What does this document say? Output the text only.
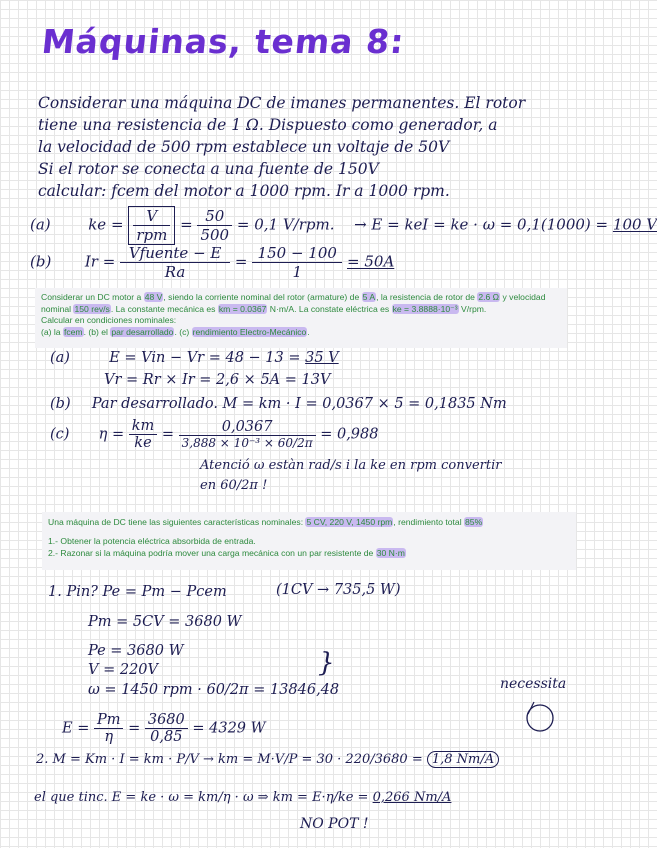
Máquinas, tema 8:
Considerar una máquina DC de imanes permanentes. El rotor
tiene una resistencia de 1 Ω. Dispuesto como generador, a
la velocidad de 500 rpm establece un voltaje de 50V
Si el rotor se conecta a una fuente de 150V
calcular: fcem del motor a 1000 rpm. Ir a 1000 rpm.
(a)	ke = $\frac{V}{\text{rpm}} = \frac{50}{500} = 0,1$ V/rpm. → E = keI = ke · ω = 0,1(1000) = 100 V
(b) $Ir = \frac{\text{Vfuente − E}}{Ra} = \frac{150 - 100}{1} = 50A$
Considerar un DC motor a 48 V, siendo la corriente nominal del rotor (armature) de 5 A, la resistencia de rotor de 2.6 Ω y velocidad
nominal 150 rev/s. La constante mecánica es km = 0.0367 N·m/A. La constate eléctrica es ke = 3.8888·10⁻³ V/rpm.
Calcular en condiciones nominales:
(a) la fcem. (b) el par desarrollado. (c) rendimiento Electro-Mecánico.
(a)	E = Vin − Vr = 48 − 13 = 35 V
Vr = Rr × Ir = 2,6 × 5A = 13V
(b) Par desarrollado. M = km · I = 0,0367 × 5 = 0,1835 Nm
(c) $\eta = \frac{km}{ke} = \frac{0,0367}{\text{3,888 × 10⁻³ × 60/2π}} = 0,988$
Atenció ω estàn rad/s i la ke en rpm convertir
en 60/2π !
Una máquina de DC tiene las siguientes características nominales: 5 CV, 220 V, 1450 rpm, rendimiento total 85%
1.- Obtener la potencia eléctrica absorbida de entrada.
2.- Razonar si la máquina podría mover una carga mecánica con un par resistente de 30 N·m
1. Pin? Pe = Pm − Pcem	(1CV → 735,5 W)
Pm = 5CV = 3680 W
Pe = 3680 W
V = 220V
ω = 1450 rpm · 60/2π = 13846,48
}
necessita
$E = \frac{Pm}{\eta} = \frac{3680}{0,85} = 4329$ W
2. M = Km · I = km · P/V → km = M·V/P = 30 · 220/3680 = 1,8 Nm/A
el que tinc. E = ke · ω = km/η · ω ⇒ km = E·η/ke = 0,266 Nm/A
NO POT !
